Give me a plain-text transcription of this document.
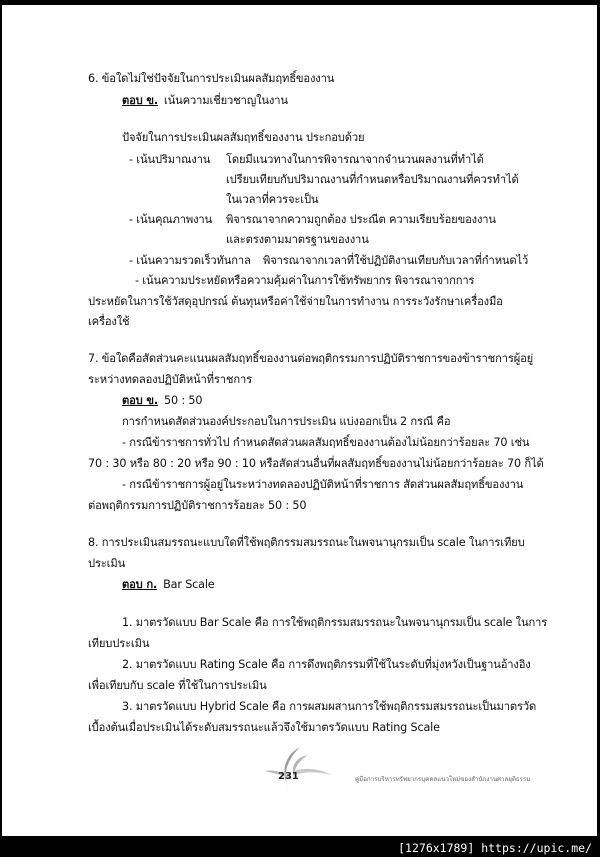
6. ข้อใดไม่ใช่ปัจจัยในการประเมินผลสัมฤทธิ์ของงาน
ตอบ ข. เน้นความเชี่ยวชาญในงาน
ปัจจัยในการประเมินผลสัมฤทธิ์ของงาน ประกอบด้วย
- เน้นปริมาณงาน โดยมีแนวทางในการพิจารณาจากจำนวนผลงานที่ทำได้
เปรียบเทียบกับปริมาณงานที่กำหนดหรือปริมาณงานที่ควรทำได้
ในเวลาที่ควรจะเป็น
- เน้นคุณภาพงาน พิจารณาจากความถูกต้อง ประณีต ความเรียบร้อยของงาน
และตรงตามมาตรฐานของงาน
- เน้นความรวดเร็วทันกาล พิจารณาจากเวลาที่ใช้ปฏิบัติงานเทียบกับเวลาที่กำหนดไว้
- เน้นความประหยัดหรือความคุ้มค่าในการใช้ทรัพยากร พิจารณาจากการ
ประหยัดในการใช้วัสดุอุปกรณ์ ต้นทุนหรือค่าใช้จ่ายในการทำงาน การระวังรักษาเครื่องมือ
เครื่องใช้
7. ข้อใดคือสัดส่วนคะแนนผลสัมฤทธิ์ของงานต่อพฤติกรรมการปฏิบัติราชการของข้าราชการผู้อยู่
ระหว่างทดลองปฏิบัติหน้าที่ราชการ
ตอบ ข. 50 : 50
การกำหนดสัดส่วนองค์ประกอบในการประเมิน แบ่งออกเป็น 2 กรณี คือ
- กรณีข้าราชการทั่วไป กำหนดสัดส่วนผลสัมฤทธิ์ของงานต้องไม่น้อยกว่าร้อยละ 70 เช่น
70 : 30 หรือ 80 : 20 หรือ 90 : 10 หรือสัดส่วนอื่นที่ผลสัมฤทธิ์ของงานไม่น้อยกว่าร้อยละ 70 ก็ได้
- กรณีข้าราชการผู้อยู่ในระหว่างทดลองปฏิบัติหน้าที่ราชการ สัดส่วนผลสัมฤทธิ์ของงาน
ต่อพฤติกรรมการปฏิบัติราชการร้อยละ 50 : 50
8. การประเมินสมรรถนะแบบใดที่ใช้พฤติกรรมสมรรถนะในพจนานุกรมเป็น scale ในการเทียบ
ประเมิน
ตอบ ก. Bar Scale
1. มาตรวัดแบบ Bar Scale คือ การใช้พฤติกรรมสมรรถนะในพจนานุกรมเป็น scale ในการ
เทียบประเมิน
2. มาตรวัดแบบ Rating Scale คือ การดึงพฤติกรรมที่ใช้ในระดับที่มุ่งหวังเป็นฐานอ้างอิง
เพื่อเทียบกับ scale ที่ใช้ในการประเมิน
3. มาตรวัดแบบ Hybrid Scale คือ การผสมผสานการใช้พฤติกรรมสมรรถนะเป็นมาตรวัด
เบื้องต้นเมื่อประเมินได้ระดับสมรรถนะแล้วจึงใช้มาตรวัดแบบ Rating Scale
231	คู่มือการบริหารทรัพยากรบุคคลแนวใหม่ของสำนักงานศาลยุติธรรม
[1276x1789] https://upic.me/
